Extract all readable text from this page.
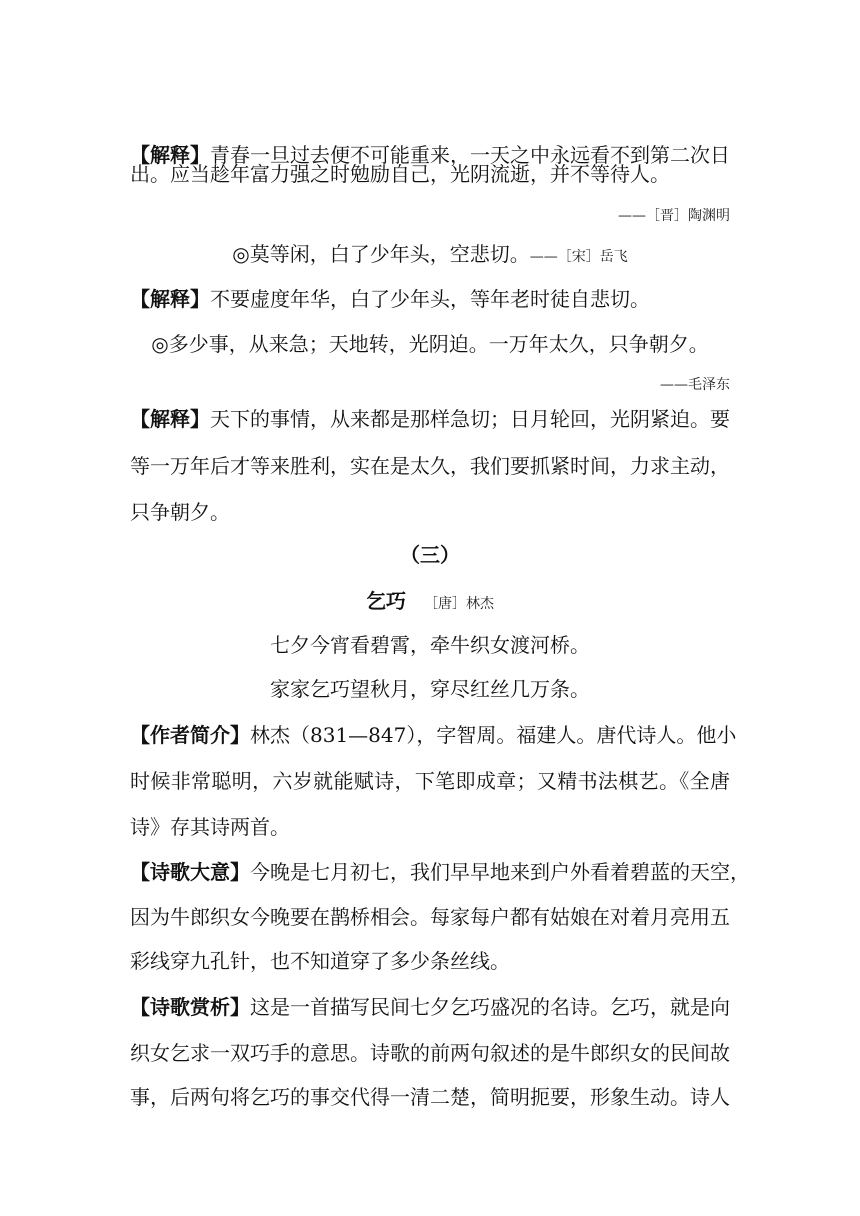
【解释】青春一旦过去便不可能重来，一天之中永远看不到第二次日
出。应当趁年富力强之时勉励自己，光阴流逝，并不等待人。
——［晋］陶渊明
◎莫等闲，白了少年头，空悲切。——［宋］岳飞
【解释】不要虚度年华，白了少年头，等年老时徒自悲切。
◎多少事，从来急；天地转，光阴迫。一万年太久，只争朝夕。
——毛泽东
【解释】天下的事情，从来都是那样急切；日月轮回，光阴紧迫。要
等一万年后才等来胜利，实在是太久，我们要抓紧时间，力求主动，
只争朝夕。
（三）
乞巧 ［唐］林杰
七夕今宵看碧霄，牵牛织女渡河桥。
家家乞巧望秋月，穿尽红丝几万条。
【作者简介】林杰（831—847），字智周。福建人。唐代诗人。他小
时候非常聪明，六岁就能赋诗，下笔即成章；又精书法棋艺。《全唐
诗》存其诗两首。
【诗歌大意】今晚是七月初七，我们早早地来到户外看着碧蓝的天空，
因为牛郎织女今晚要在鹊桥相会。每家每户都有姑娘在对着月亮用五
彩线穿九孔针，也不知道穿了多少条丝线。
【诗歌赏析】这是一首描写民间七夕乞巧盛况的名诗。乞巧，就是向
织女乞求一双巧手的意思。诗歌的前两句叙述的是牛郎织女的民间故
事，后两句将乞巧的事交代得一清二楚，简明扼要，形象生动。诗人
